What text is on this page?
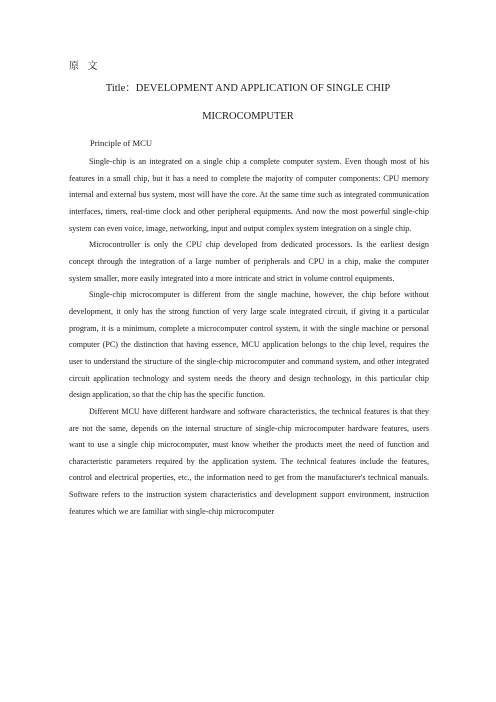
原 文
Title：DEVELOPMENT AND APPLICATION OF SINGLE CHIP
MICROCOMPUTER
Principle of MCU

Single-chip is an integrated on a single chip a complete computer system. Even though most of his features in a small chip, but it has a need to complete the majority of computer components: CPU memory internal and external bus system, most will have the core. At the same time such as integrated communication interfaces, timers, real-time clock and other peripheral equipments. And now the most powerful single-chip system can even voice, image, networking, input and output complex system integration on a single chip.

Microcontroller is only the CPU chip developed from dedicated processors. Is the earliest design concept through the integration of a large number of peripherals and CPU in a chip, make the computer system smaller, more easily integrated into a more intricate and strict in volume control equipments.

Single-chip microcomputer is different from the single machine, however, the chip before without development, it only has the strong function of very large scale integrated circuit, if giving it a particular program, it is a minimum, complete a microcomputer control system, it with the single machine or personal computer (PC) the distinction that having essence, MCU application belongs to the chip level, requires the user to understand the structure of the single-chip microcomputer and command system, and other integrated circuit application technology and system needs the theory and design technology, in this particular chip design application, so that the chip has the specific function.

Different MCU have different hardware and software characteristics, the technical features is that they are not the same, depends on the internal structure of single-chip microcomputer hardware features, users want to use a single chip microcomputer, must know whether the products meet the need of function and characteristic parameters required by the application system. The technical features include the features, control and electrical properties, etc., the information need to get from the manufacturer's technical manuals. Software refers to the instruction system characteristics and development support environment, instruction features which we are familiar with single-chip microcomputer
